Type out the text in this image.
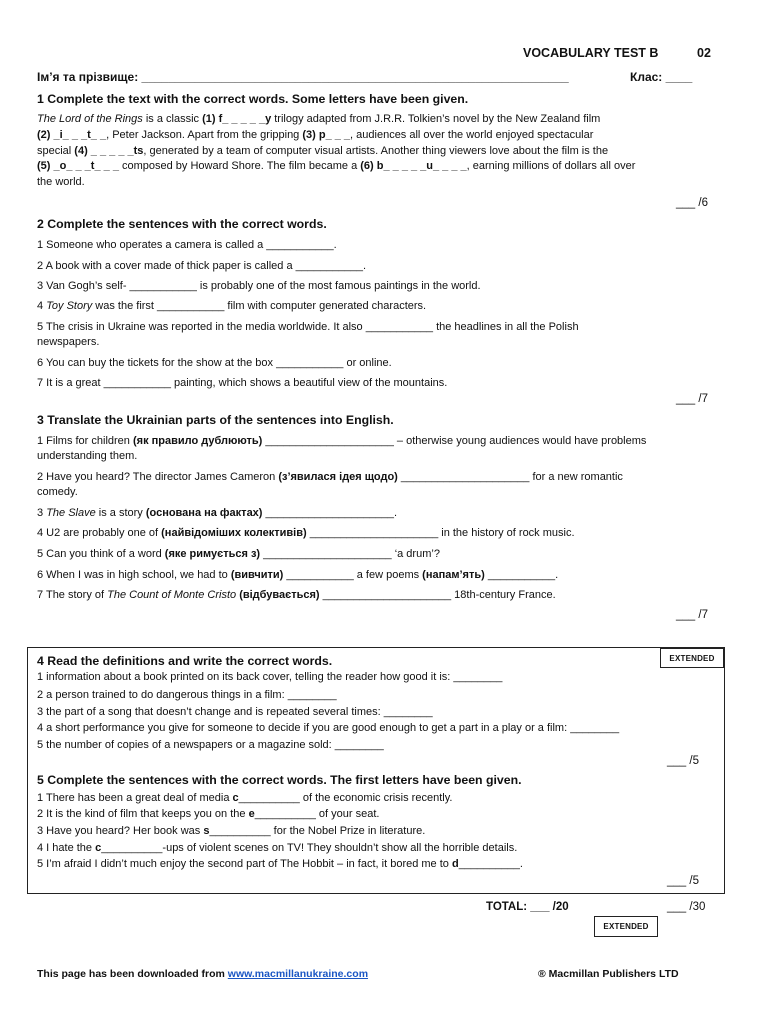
VOCABULARY TEST B	02
Ім’я та прізвище: ________________________________________________________________	Клас: ____
1 Complete the text with the correct words. Some letters have been given.
The Lord of the Rings is a classic (1) f_ _ _ _ _y trilogy adapted from J.R.R. Tolkien’s novel by the New Zealand film
(2) _i_ _ _t_ _, Peter Jackson. Apart from the gripping (3) p_ _ _, audiences all over the world enjoyed spectacular
special (4) _ _ _ _ _ts, generated by a team of computer visual artists. Another thing viewers love about the film is the
(5) _o_ _ _t_ _ _ composed by Howard Shore. The film became a (6) b_ _ _ _ _u_ _ _ _, earning millions of dollars all over
the world.
___ /6
2 Complete the sentences with the correct words.
1 Someone who operates a camera is called a ___________.
2 A book with a cover made of thick paper is called a ___________.
3 Van Gogh’s self- ___________ is probably one of the most famous paintings in the world.
4 Toy Story was the first ___________ film with computer generated characters.
5 The crisis in Ukraine was reported in the media worldwide. It also ___________ the headlines in all the Polish
newspapers.
6 You can buy the tickets for the show at the box ___________ or online.
7 It is a great ___________ painting, which shows a beautiful view of the mountains.
___ /7
3 Translate the Ukrainian parts of the sentences into English.
1 Films for children (як правило дублюють) _____________________ – otherwise young audiences would have problems
understanding them.
2 Have you heard? The director James Cameron (з’явилася ідея щодо) _____________________ for a new romantic
comedy.
3 The Slave is a story (основана на фактах) _____________________.
4 U2 are probably one of (найвідоміших колективів) _____________________ in the history of rock music.
5 Can you think of a word (яке римується з) _____________________ ‘a drum’?
6 When I was in high school, we had to (вивчити) ___________ a few poems (напам’ять) ___________.
7 The story of The Count of Monte Cristo (відбувається) _____________________ 18th-century France.
___ /7
EXTENDED
4 Read the definitions and write the correct words.
1 information about a book printed on its back cover, telling the reader how good it is: ________
2 a person trained to do dangerous things in a film: ________
3 the part of a song that doesn’t change and is repeated several times: ________
4 a short performance you give for someone to decide if you are good enough to get a part in a play or a film: ________
5 the number of copies of a newspapers or a magazine sold: ________
___ /5
5 Complete the sentences with the correct words. The first letters have been given.
1 There has been a great deal of media c__________ of the economic crisis recently.
2 It is the kind of film that keeps you on the e__________ of your seat.
3 Have you heard? Her book was s__________ for the Nobel Prize in literature.
4 I hate the c__________-ups of violent scenes on TV! They shouldn’t show all the horrible details.
5 I’m afraid I didn’t much enjoy the second part of The Hobbit – in fact, it bored me to d__________.
___ /5
TOTAL: ___ /20	___ /30
EXTENDED
This page has been downloaded from www.macmillanukraine.com	® Macmillan Publishers LTD
